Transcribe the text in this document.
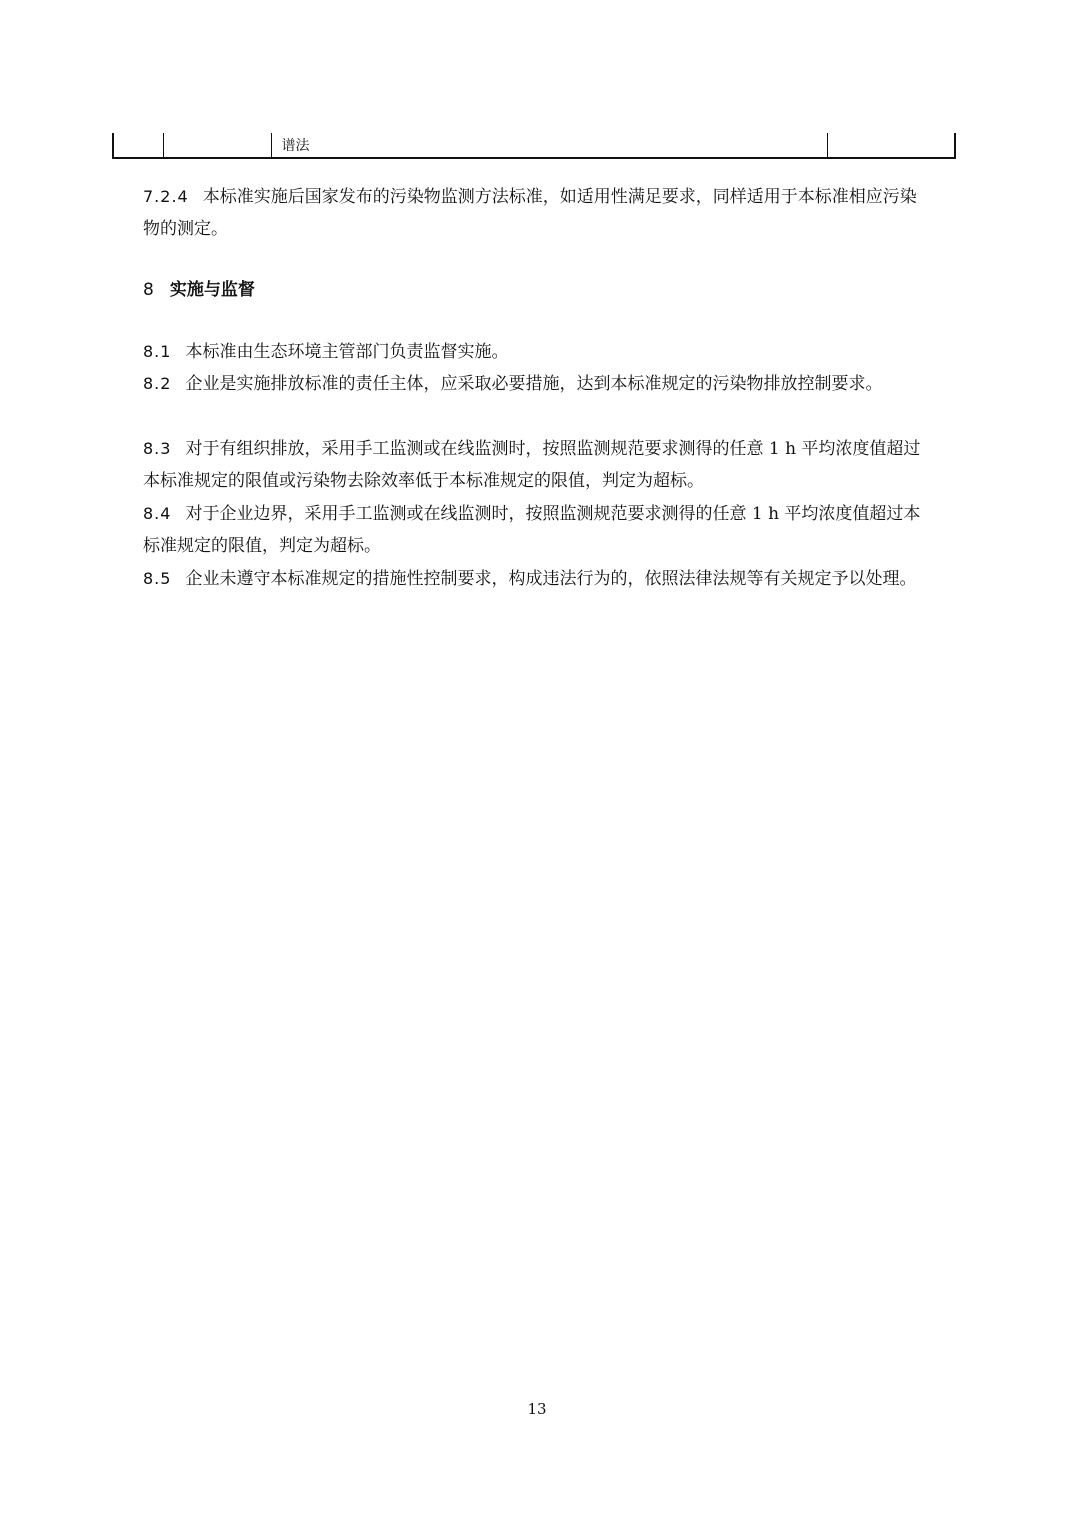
		谱法	

7.2.4 本标准实施后国家发布的污染物监测方法标准，如适用性满足要求，同样适用于本标准相应污染物的测定。

8 实施与监督

8.1 本标准由生态环境主管部门负责监督实施。

8.2 企业是实施排放标准的责任主体，应采取必要措施，达到本标准规定的污染物排放控制要求。

8.3 对于有组织排放，采用手工监测或在线监测时，按照监测规范要求测得的任意 1 h 平均浓度值超过本标准规定的限值或污染物去除效率低于本标准规定的限值，判定为超标。

8.4 对于企业边界，采用手工监测或在线监测时，按照监测规范要求测得的任意 1 h 平均浓度值超过本标准规定的限值，判定为超标。

8.5 企业未遵守本标准规定的措施性控制要求，构成违法行为的，依照法律法规等有关规定予以处理。

13
